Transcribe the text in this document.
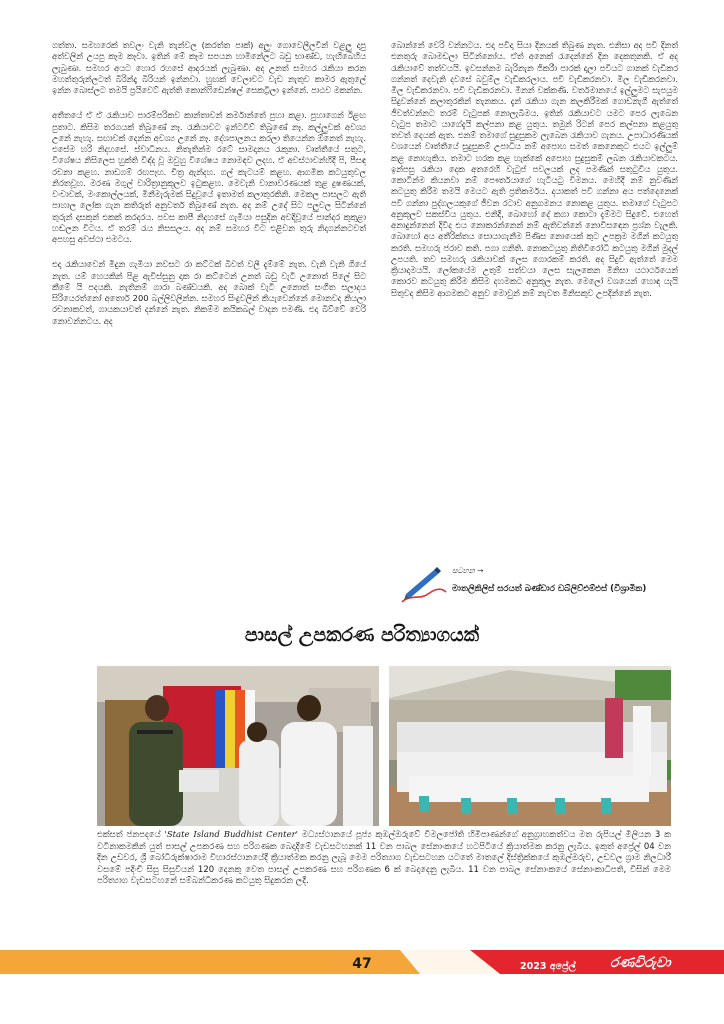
ගත්තා. සමහරෙක් තවලං වැනි තැන්වල (කරත්ත පාක්) අලුං ගොවෙලීලවින් වළලු දාපු අත්වලින් උයපු කෑම කෑවා. ඉතින් මේ කෑම සපයන හාමිනේලට බඩු භාණ්ඩ, හැඟිබෙහිය ලැබුණා. සමහර අයට හොර රහසේ ආදරයක් ලැබුණා. අද උනත් සමහර රැකියා කරන මහත්තුරුන්ලටත් බිරින්දෑ බිරියන් ඉන්නවා. හුඟක් වෙලාවට වැඩ නැතුව කාමර ඇතුලේ ඉන්න බොස්ලට තමයි ප්‍රයිවෙට් ඇත්ති කොන්ෆිඩෙන්ෂල් සෙකට්‍රිලා ඉන්නේ. පාඨව මකන්න.

අතීතයේ ඒ ඒ රැකියාව පාරම්පරිකව කාන්තාවන් කර්මාන්තේ පුහා කළා. පුහාගෙන් ඊළඟ පුතාට. කිසිම තරගයක් තිබුණේ නෑ. රැකියාවට ඉන්ටවිව් තිබුණේ නෑ. කල්ලුවක් අවශ්‍ය උනේ නැහැ. සඟාවක් දෙන්න අවශ්‍ය උනේ නෑ. දේශපාලනය කරලා තියෙන්න ඕනෙත් නැහැ. එසේම හරි නිදහසේ. ස්වාධීනය. නිතැතින්ම රටේ සාමදානය රැකුනා. වෘත්තීයේ සතුට, විශේෂය නිසිලෙස හුක්ති විඳ්ද වූ ඔවුහු විශේෂය නොමඳව ලදහ. ඒ අවස්ථාවන්හිදී පි, පීසඳ රචනා කළහ. නාඩගම් රඟපෑහ. චිත්‍ර ඇන්දහ. ගල් කැටයම් කළහ. ආගමික කටයුතුවල නිරතවූහ. මරණ මගුල් වාරිත්‍රානුකූලව ඉටුකළහ. මෙවැනි වානාවරණයක් තුළ දුෂණයක්, වංචාවක්, මංකොල්ලයක්, මිනීමැරුමක් සිදුවූයේ ඉතාමත් කලාතුරකිනි. මෙකල පාසලට ඇති පාහාල ලෝක ගැන කතිරුත් අනුවර්ත තිබුණේ නැත. අද නම් උදේ සිට පලුවල සිටින්නේ තුරුන් දාසකුන් එකක් කරදරය. පවස කාපී නිදහසේ ගැමියා පසුදින අවදිවූයේ පාන්දර කුකුළා හඬලන විටය. ඒ තරම් රැය නිසසලය. අද නම් සමහර විට එළිවන තුරු නිදාගන්නටවත් අපහසු අවස්ථා එමටය.

එදා රැකියාවෙන් මිදුන ගැමියා නවසට රා කට්ටක් බිවත් වලී දැම්මේ නැත. වැනි වැනි ගියේ නැත. යම් හෙයකින් පිළ ඇවිස්සුනු දාක රා කට්ටෙන් උනත් බඩු වැටි උනොත් පිලේ සිට කීමේ යි පදයකි. නැතිනම් ගාරා බණ්ඩයකි. අද බොක් වැටි උනොත් සංගීත සලාදය සිරියෙරත්නෝ අතොර් 200 බල්ලිවලින්න. සමහර සිංදුවලින් කියැවෙන්නේ මොනවද කියලා රචනාකවත්, ගායකයාවත් දන්නේ නැත. නිකම්ම කයිකබල් වාදන පමණි. එදා බිව්වේ වෙරි නොවන්නටය. අද

බොන්නේ වෙරි වන්නටය. එදා පවිදා සියා දිනයක් තිබුණ නැත. එනිසා අද පවි දිනත් එනතුරු බොමඩලා සිටින්නෝය. ඒත් අනෙක් රැදෙන්නේ දින දෙකතුනකි. ඒ අද රැකියාවේ තත්වයයි. ඉවසන්නම බැරිනැන ජිකරීා පාරක් දාලා පවියට ගානක් වැඩිකර ගන්නත් දෙවැනි දවසේ බවුම්ල වැඩිකරලාය. පවි වැඩිකරනවා. මිල වැඩිකරනවා. මිල වැඩිකරනවා. පවි වැඩිකරනවා. මිනන් වක්කණි. වර්තමානයේ ඉල්ලුමට සැපයුම සිදුවන්නේ කලාතුරකින් තැනකය. දැන් රැකියා ගැන කලකිරීමක් ගොඩනැගී ඇත්තේ ජීවත්වන්නට තරම් වැටුපක් නොලැබීමය. ඉතින් රැකියාවට යමට පෙර ලැබෙන වැටුප තමාට යාගේදැයි කල්පනා කළ යුතුය. තමුන් රිටන් පෙර කල්පනා කළයුතු තවත් දෙයක් ඇත. එනම් තමාගේ සුදුසුකම ලැබෙන රැකියාව ගැනය. උපාධාරණියක් වශයෙන් වෘත්තීයේ සුදුසුකම් උපාධිය නම් අපොහ සමත් කෙනෙකුට එයට ඉල්ලුම් කළ නොහැකිය. තමාට හරක කළ හැක්කේ අපොහ සුදුසුකම් ලබන රැකියාවකටය. ඉන්පසු රැකියා දෙක අතරෙහි වැටුප් පවලයක් ලද පමණින් සතුටුවිය යුතුය. කොටින්ම කියනවා නම් පෞර්තයාගේ හැටියටු විමනය. මෙහිදී නම් නුවණින් කටයුතු කිරීම තමයි මෙයට ඇති ප්‍රතිකර්මය. දයාකත් පවි ගන්නා අය පත්දෙනෙක් පවි ගන්නා පුද්ගලයකුගේ ජීවන රටාව අනුගමනය නොකළ යුතුය. තමාගේ වැටුපට අනුකූලව සකස්විය යුතුය. එනිදී, බොහෝ දේ කගා කොටා දැම්මට සිදුවේ. එහෙත් අනාදුන්නෙන් දිවිද එය නොකරන්නෙන් නම් ඇතිවන්නේ නොවිසඳෙන ප්‍රශ්න වැලකි. බොහෝ අය අතීරික්තය සොයාගැනීම පිණිස නොයෙක් කුට උපක්‍රම මගින් කටයුතු කරති. සමහරු ජරාව කති. පගා ගනිති. නොකටයුතු නිතිවිරෝධි කටයුතු මගින් මුදල් උපයති. තව සමහරු රැකියාවක් ලෙස ගොරකම් කරති. අද සිදුවී ඇත්තේ මෙම ක්‍රියාදාමයයි. ලෝකයේම උතුම් සත්වයා ලෙස සැලකෙන මිනිසා යථාර්ථයෙන් කොරව කටයුතු කිරීම කිසිම දහමකට අනුකූල නැත. මෙලෝ වශයෙන් හොඳ යැයි සිතුවද කිසිම ආගමකට අනුව මොවුන් නම් නැවත මිනිසකුව උපදින්නේ නැත.

සටහන →
මාතලිකිලිස් සරයත් ඛණ්ඩාර ඩබ්ලිව්එම්එස් (විශ්‍රාමික)
පාසල් උපකරණ පරිත්‍යාගයක්
එක්සත් ජනපදයේ 'State Island Buddhist Center' මධ්‍යස්ථානයේ පූජ්‍ය කුඹල්ඔරුවේ විමලජෝති හිමිපාණන්ගේ අනුග්‍රාහකත්වය මත රුපියල් මිලියන 3 ක වටිනාකමකින් යුත් පාසල් උපකරණ සහ පරිගණක බෙදාදීමේ වැඩසටහනක් 11 වන පාබල සේනාංකයේ හටපිටියේ ක්‍රියාත්මක කරනු ලැබිය. ඉකුත් අප්‍රේල් 04 වන දින උඩවර, ශ්‍රී බෝධිරුක්ෂාරාම විහාරස්ථානයේදී ක්‍රියාත්මක කරනු ලැබූ මෙම පරිත්‍යාග වැඩසටහන යටතේ මාතලේ දිස්ත්‍රික්කයේ කුඹල්ඔරුව, උඩවල ග්‍රාම නිලධාරී වසමේ පදිංචි සිසු සිසුවියන් 120 දෙනකු වෙත පාසල් උපකරණ සහ පරිගණක 6 ක් බෙදාදෙනු ලැබිය. 11 වන පාබල සේනාංකයේ සේනාංකාධිපති, විසින් මෙම පරිත්‍යාග වැඩසටහනේ සම්බන්ධීකරණ කටයුතු සිදුකරන ලදී.
47	2023 අප්‍රේල් රණවිරුවා
